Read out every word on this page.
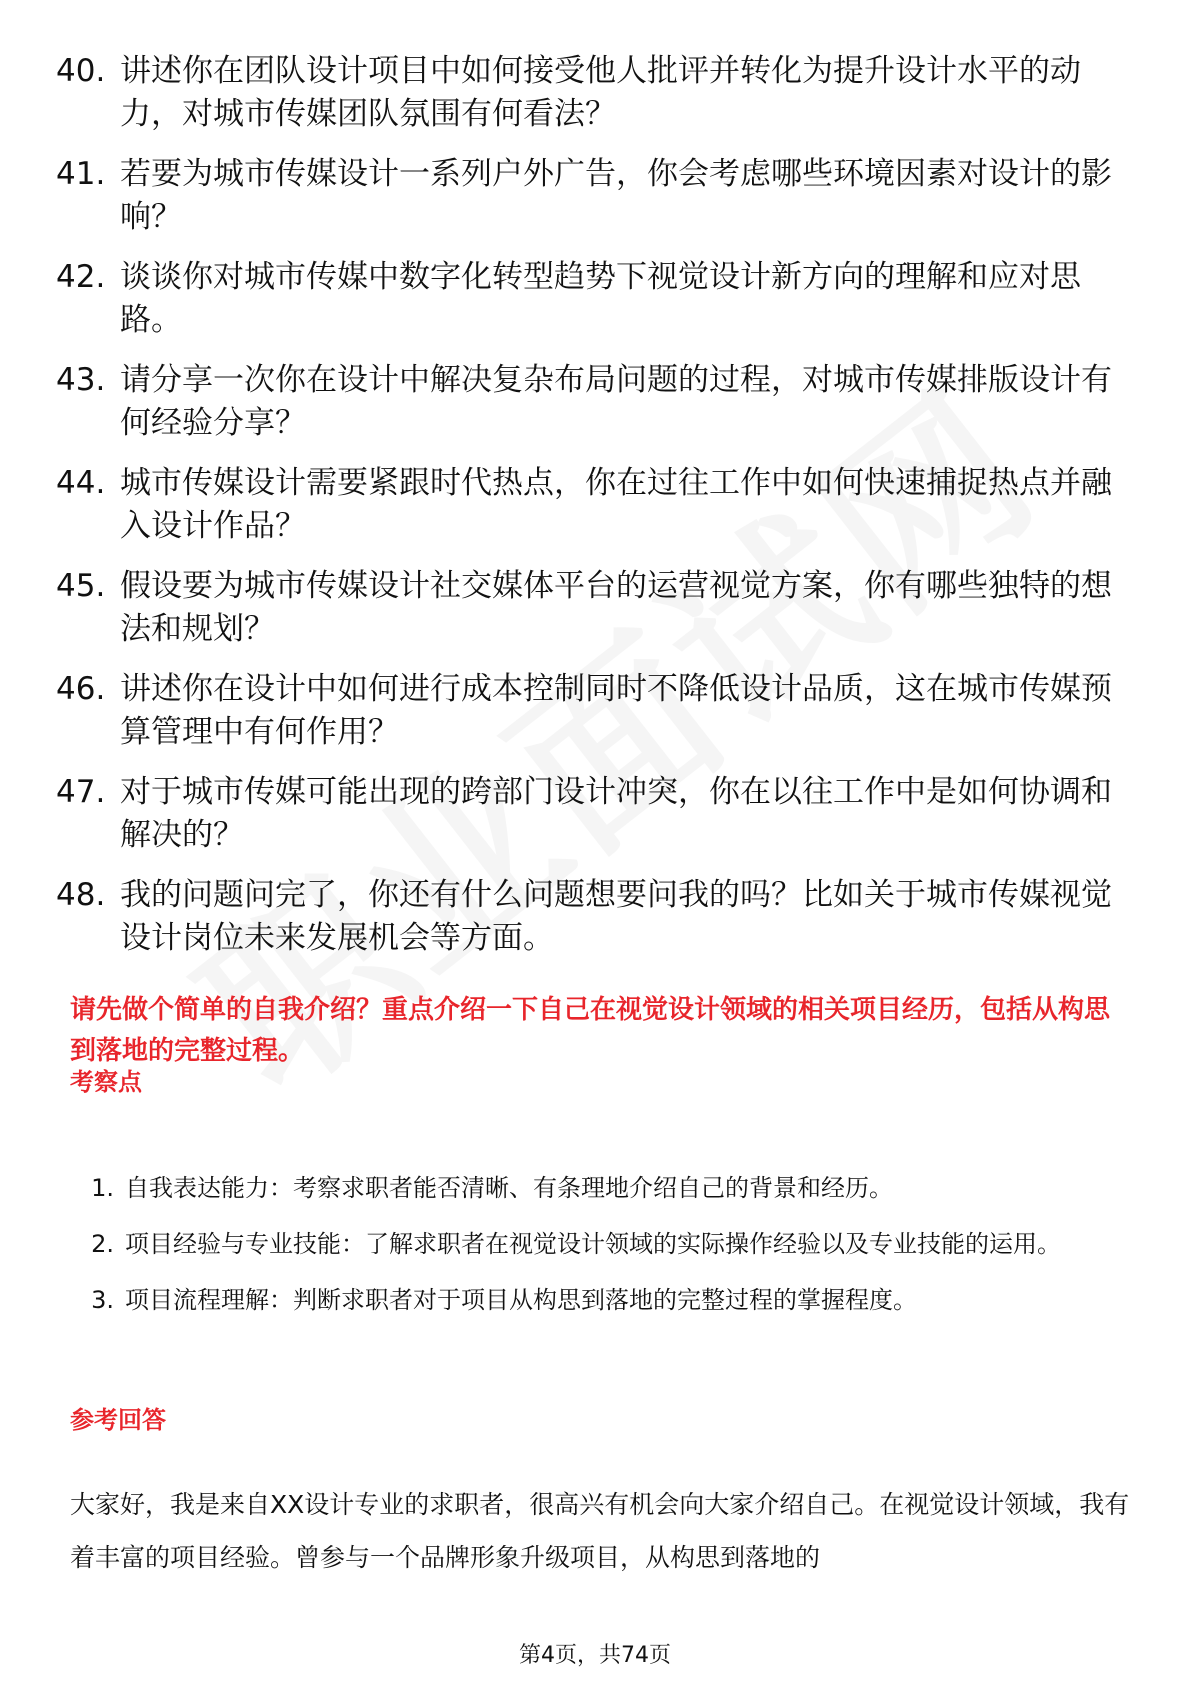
40. 讲述你在团队设计项目中如何接受他人批评并转化为提升设计水平的动力，对城市传媒团队氛围有何看法？
41. 若要为城市传媒设计一系列户外广告，你会考虑哪些环境因素对设计的影响？
42. 谈谈你对城市传媒中数字化转型趋势下视觉设计新方向的理解和应对思路。
43. 请分享一次你在设计中解决复杂布局问题的过程，对城市传媒排版设计有何经验分享？
44. 城市传媒设计需要紧跟时代热点，你在过往工作中如何快速捕捉热点并融入设计作品？
45. 假设要为城市传媒设计社交媒体平台的运营视觉方案，你有哪些独特的想法和规划？
46. 讲述你在设计中如何进行成本控制同时不降低设计品质，这在城市传媒预算管理中有何作用？
47. 对于城市传媒可能出现的跨部门设计冲突，你在以往工作中是如何协调和解决的？
48. 我的问题问完了，你还有什么问题想要问我的吗？比如关于城市传媒视觉设计岗位未来发展机会等方面。
请先做个简单的自我介绍？重点介绍一下自己在视觉设计领域的相关项目经历，包括从构思到落地的完整过程。
考察点
1. 自我表达能力：考察求职者能否清晰、有条理地介绍自己的背景和经历。
2. 项目经验与专业技能：了解求职者在视觉设计领域的实际操作经验以及专业技能的运用。
3. 项目流程理解：判断求职者对于项目从构思到落地的完整过程的掌握程度。
参考回答
大家好，我是来自XX设计专业的求职者，很高兴有机会向大家介绍自己。在视觉设计领域，我有着丰富的项目经验。曾参与一个品牌形象升级项目，从构思到落地的
第4页，共74页
